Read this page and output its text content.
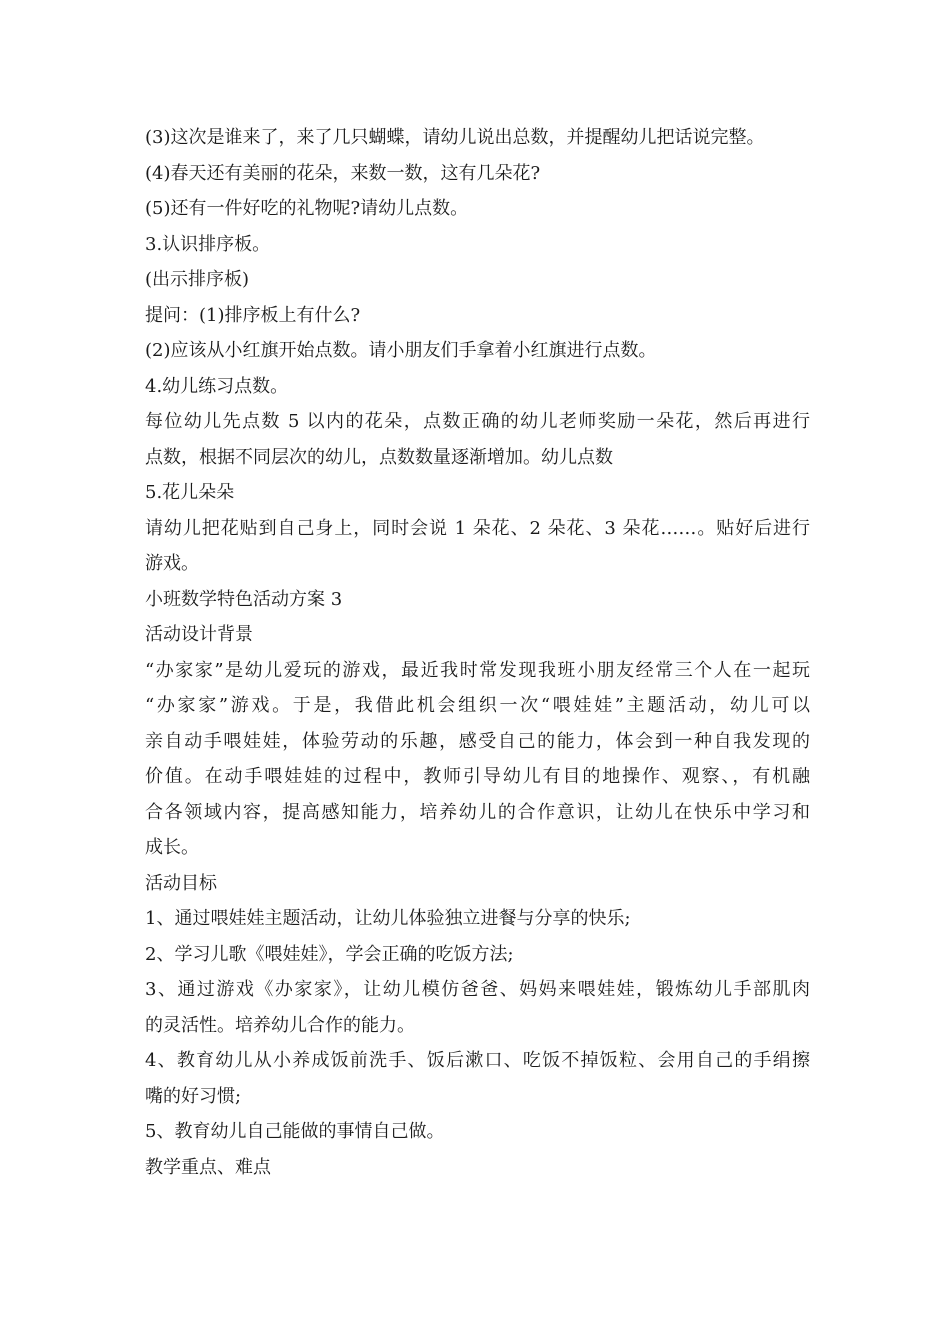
(3)这次是谁来了，来了几只蝴蝶，请幼儿说出总数，并提醒幼儿把话说完整。
(4)春天还有美丽的花朵，来数一数，这有几朵花?
(5)还有一件好吃的礼物呢?请幼儿点数。
3.认识排序板。
(出示排序板)
提问：(1)排序板上有什么?
(2)应该从小红旗开始点数。请小朋友们手拿着小红旗进行点数。
4.幼儿练习点数。
每位幼儿先点数 5 以内的花朵，点数正确的幼儿老师奖励一朵花，然后再进行
点数，根据不同层次的幼儿，点数数量逐渐增加。幼儿点数
5.花儿朵朵
请幼儿把花贴到自己身上，同时会说 1 朵花、2 朵花、3 朵花……。贴好后进行
游戏。
小班数学特色活动方案 3
活动设计背景
“办家家”是幼儿爱玩的游戏，最近我时常发现我班小朋友经常三个人在一起玩
“办家家”游戏。于是，我借此机会组织一次“喂娃娃”主题活动，幼儿可以
亲自动手喂娃娃，体验劳动的乐趣，感受自己的能力，体会到一种自我发现的
价值。在动手喂娃娃的过程中，教师引导幼儿有目的地操作、观察、，有机融
合各领域内容，提高感知能力，培养幼儿的合作意识，让幼儿在快乐中学习和
成长。
活动目标
1、通过喂娃娃主题活动，让幼儿体验独立进餐与分享的快乐;
2、学习儿歌《喂娃娃》，学会正确的吃饭方法;
3、通过游戏《办家家》，让幼儿模仿爸爸、妈妈来喂娃娃，锻炼幼儿手部肌肉
的灵活性。培养幼儿合作的能力。
4、教育幼儿从小养成饭前洗手、饭后漱口、吃饭不掉饭粒、会用自己的手绢擦
嘴的好习惯;
5、教育幼儿自己能做的事情自己做。
教学重点、难点
